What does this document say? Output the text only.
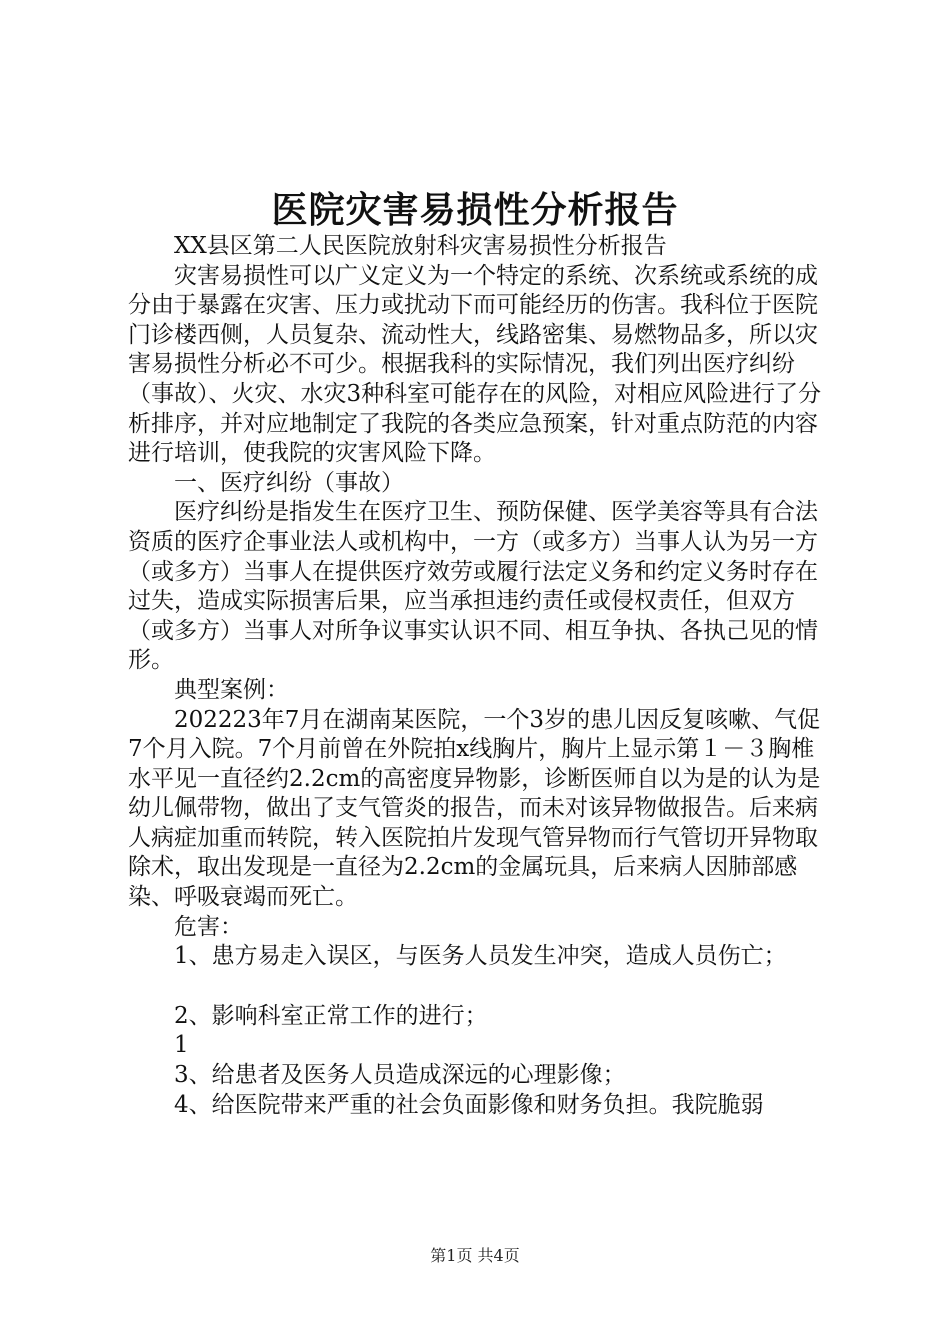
医院灾害易损性分析报告

XX县区第二人民医院放射科灾害易损性分析报告

灾害易损性可以广义定义为一个特定的系统、次系统或系统的成分由于暴露在灾害、压力或扰动下而可能经历的伤害。我科位于医院门诊楼西侧，人员复杂、流动性大，线路密集、易燃物品多，所以灾害易损性分析必不可少。根据我科的实际情况，我们列出医疗纠纷（事故）、火灾、水灾3种科室可能存在的风险，对相应风险进行了分析排序，并对应地制定了我院的各类应急预案，针对重点防范的内容进行培训，使我院的灾害风险下降。

一、医疗纠纷（事故）

医疗纠纷是指发生在医疗卫生、预防保健、医学美容等具有合法资质的医疗企事业法人或机构中，一方（或多方）当事人认为另一方（或多方）当事人在提供医疗效劳或履行法定义务和约定义务时存在过失，造成实际损害后果，应当承担违约责任或侵权责任，但双方（或多方）当事人对所争议事实认识不同、相互争执、各执己见的情形。

典型案例：

202223年7月在湖南某医院，一个3岁的患儿因反复咳嗽、气促7个月入院。7个月前曾在外院拍x线胸片，胸片上显示第１－３胸椎水平见一直径约2.2cm的高密度异物影，诊断医师自以为是的认为是幼儿佩带物，做出了支气管炎的报告，而未对该异物做报告。后来病人病症加重而转院，转入医院拍片发现气管异物而行气管切开异物取除术，取出发现是一直径为2.2cm的金属玩具，后来病人因肺部感染、呼吸衰竭而死亡。

危害：

1、患方易走入误区，与医务人员发生冲突，造成人员伤亡；

2、影响科室正常工作的进行；

1

3、给患者及医务人员造成深远的心理影像；

4、给医院带来严重的社会负面影像和财务负担。我院脆弱

第1页 共4页
